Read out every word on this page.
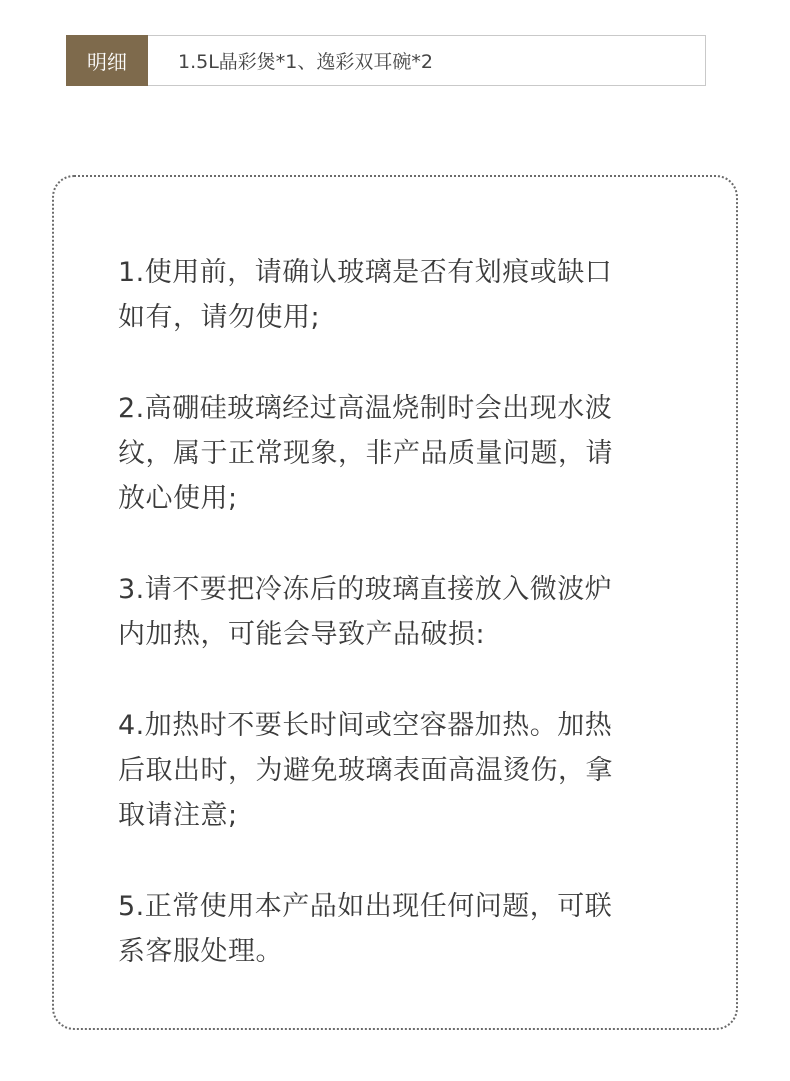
明细	1.5L晶彩煲*1、逸彩双耳碗*2
1.使用前，请确认玻璃是否有划痕或缺口
如有，请勿使用;
2.高硼硅玻璃经过高温烧制时会出现水波
纹，属于正常现象，非产品质量问题，请
放心使用;
3.请不要把冷冻后的玻璃直接放入微波炉
内加热，可能会导致产品破损:
4.加热时不要长时间或空容器加热。加热
后取出时，为避免玻璃表面高温烫伤，拿
取请注意;
5.正常使用本产品如出现任何问题，可联
系客服处理。
